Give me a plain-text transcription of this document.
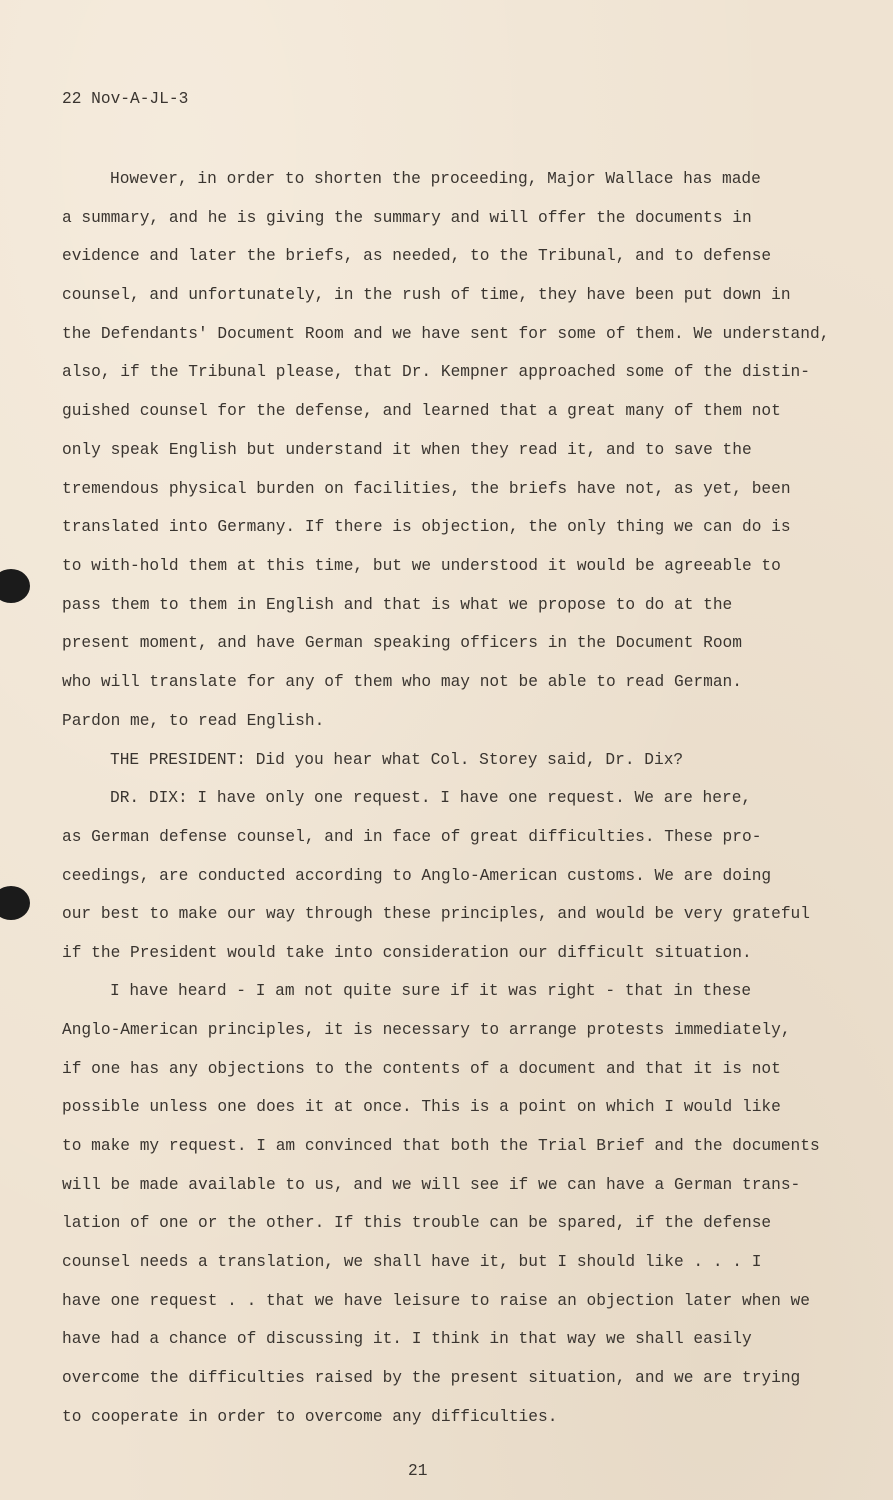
22 Nov-A-JL-3

However, in order to shorten the proceeding, Major Wallace has made

a summary, and he is giving the summary and will offer the documents in

evidence and later the briefs, as needed, to the Tribunal, and to defense

counsel, and unfortunately, in the rush of time, they have been put down in

the Defendants' Document Room and we have sent for some of them. We understand,

also, if the Tribunal please, that Dr. Kempner approached some of the distin-

guished counsel for the defense, and learned that a great many of them not

only speak English but understand it when they read it, and to save the

tremendous physical burden on facilities, the briefs have not, as yet, been

translated into Germany. If there is objection, the only thing we can do is

to with-hold them at this time, but we understood it would be agreeable to

pass them to them in English and that is what we propose to do at the

present moment, and have German speaking officers in the Document Room

who will translate for any of them who may not be able to read German.

Pardon me, to read English.

THE PRESIDENT: Did you hear what Col. Storey said, Dr. Dix?

DR. DIX: I have only one request. I have one request. We are here,

as German defense counsel, and in face of great difficulties. These pro-

ceedings, are conducted according to Anglo-American customs. We are doing

our best to make our way through these principles, and would be very grateful

if the President would take into consideration our difficult situation.

I have heard - I am not quite sure if it was right - that in these

Anglo-American principles, it is necessary to arrange protests immediately,

if one has any objections to the contents of a document and that it is not

possible unless one does it at once. This is a point on which I would like

to make my request. I am convinced that both the Trial Brief and the documents

will be made available to us, and we will see if we can have a German trans-

lation of one or the other. If this trouble can be spared, if the defense

counsel needs a translation, we shall have it, but I should like . . . I

have one request . . that we have leisure to raise an objection later when we

have had a chance of discussing it. I think in that way we shall easily

overcome the difficulties raised by the present situation, and we are trying

to cooperate in order to overcome any difficulties.

21
